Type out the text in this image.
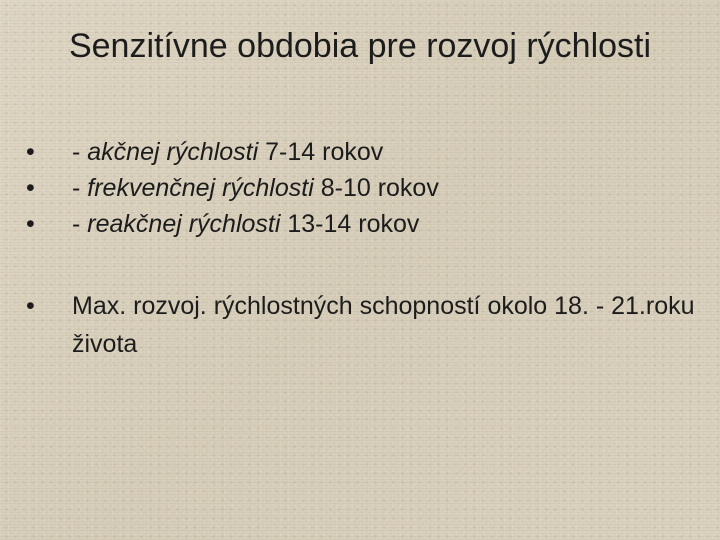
Senzitívne obdobia pre rozvoj rýchlosti
•	- akčnej rýchlosti 7-14 rokov
•	- frekvenčnej rýchlosti 8-10 rokov
•	- reakčnej rýchlosti 13-14 rokov
•	Max. rozvoj. rýchlostných schopností okolo 18. - 21.roku života
